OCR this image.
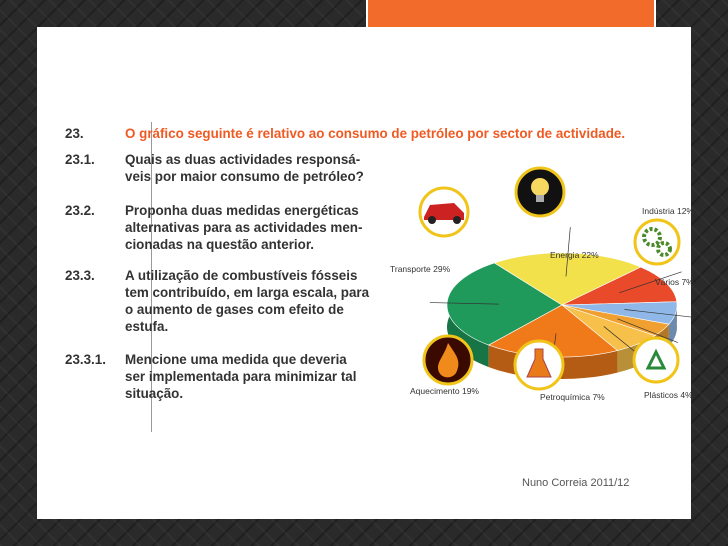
23.	O gráfico seguinte é relativo ao consumo de petróleo por sector de actividade.
23.1.	Quais as duas actividades responsá-veis por maior consumo de petróleo?
23.2.	Proponha duas medidas energéticas alternativas para as actividades men-cionadas na questão anterior.
23.3.	A utilização de combustíveis fósseis tem contribuído, em larga escala, para o aumento de gases com efeito de estufa.
23.3.1.	Mencione uma medida que deveria ser implementada para minimizar tal situação.
Transporte 29%
Energia 22%
Indústria 12%
Vários 7%
Plásticos 4%
Petroquímica 7%
Aquecimento 19%
Nuno Correia 2011/12
